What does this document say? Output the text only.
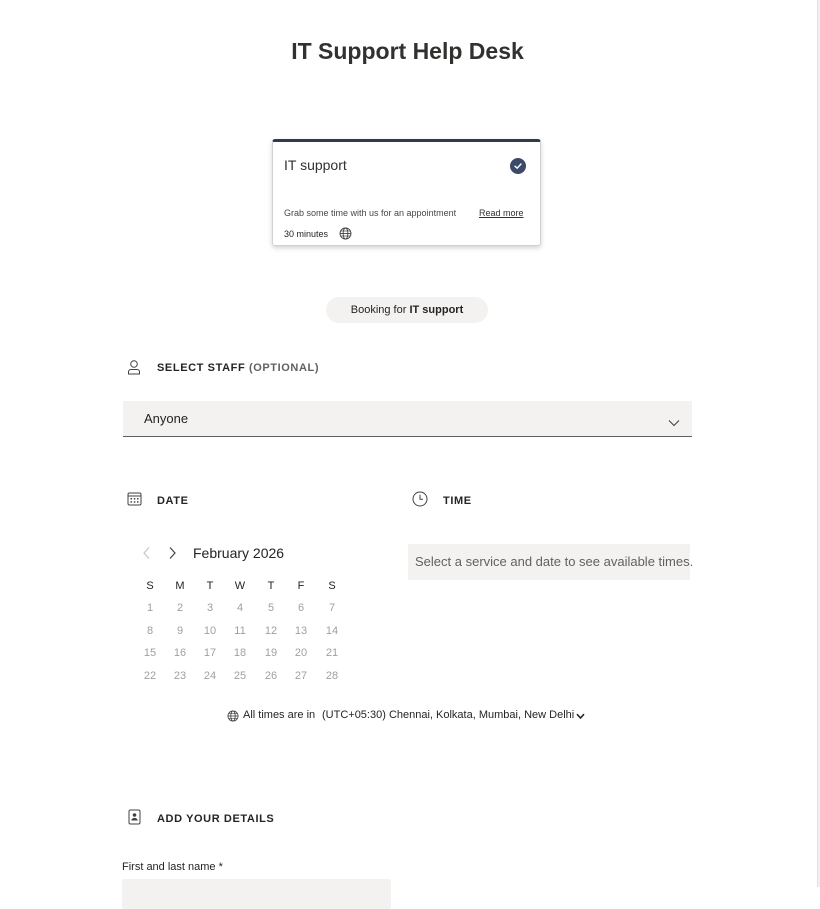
IT Support Help Desk
IT support
Grab some time with us for an appointment	Read more
30 minutes
Booking for IT support
SELECT STAFF (OPTIONAL)
Anyone
DATE
February 2026
S	M	T	W	T	F	S
1	2	3	4	5	6	7
8	9	10	11	12	13	14
15	16	17	18	19	20	21
22	23	24	25	26	27	28
TIME
Select a service and date to see available times.
All times are in (UTC+05:30) Chennai, Kolkata, Mumbai, New Delhi
ADD YOUR DETAILS
First and last name *
